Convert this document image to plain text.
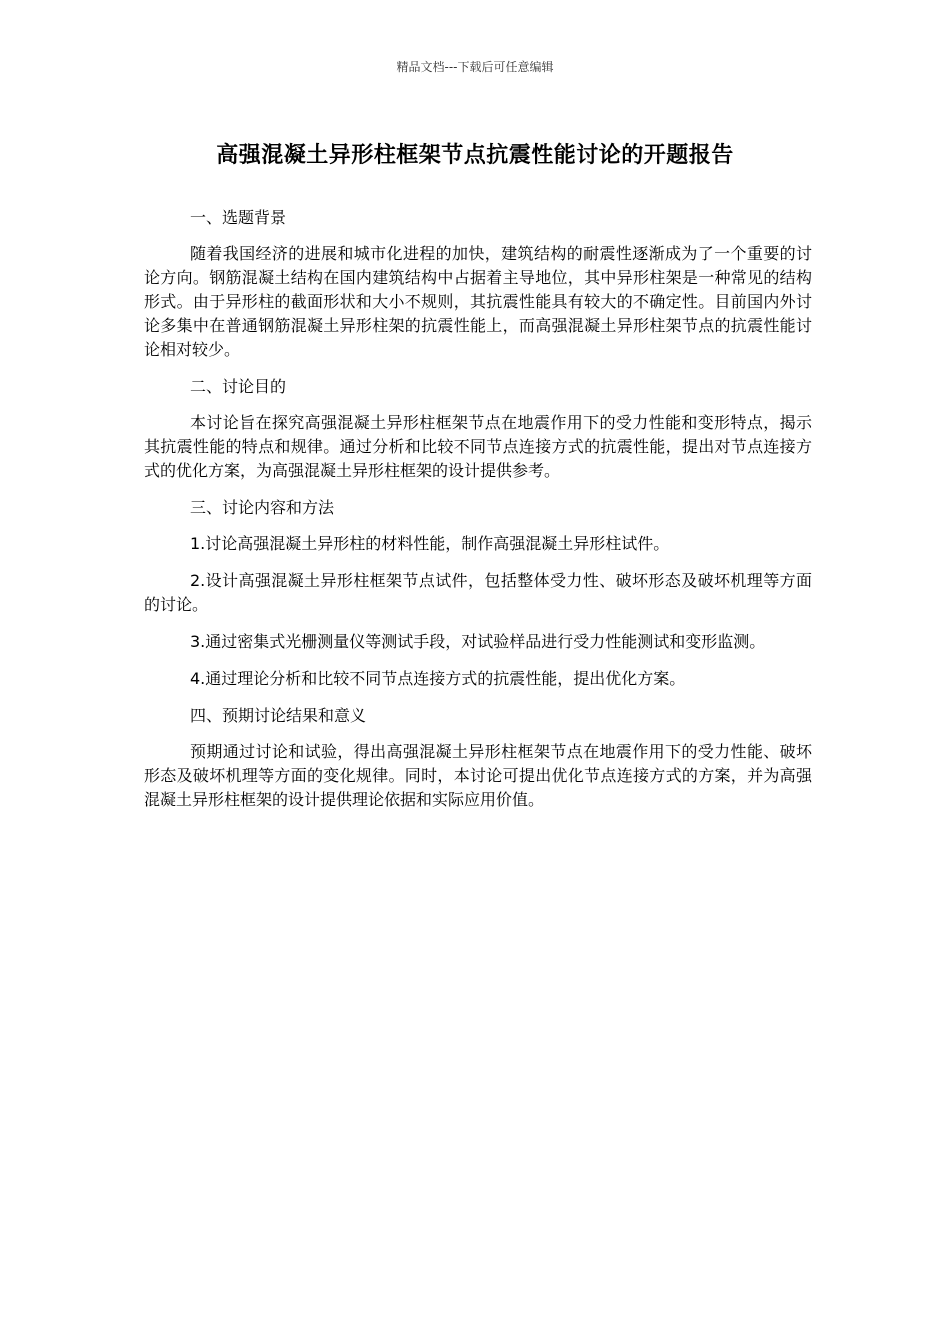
精品文档---下载后可任意编辑
高强混凝土异形柱框架节点抗震性能讨论的开题报告

一、选题背景

随着我国经济的进展和城市化进程的加快，建筑结构的耐震性逐渐成为了一个重要的讨论方向。钢筋混凝土结构在国内建筑结构中占据着主导地位，其中异形柱架是一种常见的结构形式。由于异形柱的截面形状和大小不规则，其抗震性能具有较大的不确定性。目前国内外讨论多集中在普通钢筋混凝土异形柱架的抗震性能上，而高强混凝土异形柱架节点的抗震性能讨论相对较少。

二、讨论目的

本讨论旨在探究高强混凝土异形柱框架节点在地震作用下的受力性能和变形特点，揭示其抗震性能的特点和规律。通过分析和比较不同节点连接方式的抗震性能，提出对节点连接方式的优化方案，为高强混凝土异形柱框架的设计提供参考。

三、讨论内容和方法

1.讨论高强混凝土异形柱的材料性能，制作高强混凝土异形柱试件。

2.设计高强混凝土异形柱框架节点试件，包括整体受力性、破坏形态及破坏机理等方面的讨论。

3.通过密集式光栅测量仪等测试手段，对试验样品进行受力性能测试和变形监测。

4.通过理论分析和比较不同节点连接方式的抗震性能，提出优化方案。

四、预期讨论结果和意义

预期通过讨论和试验，得出高强混凝土异形柱框架节点在地震作用下的受力性能、破坏形态及破坏机理等方面的变化规律。同时，本讨论可提出优化节点连接方式的方案，并为高强混凝土异形柱框架的设计提供理论依据和实际应用价值。
